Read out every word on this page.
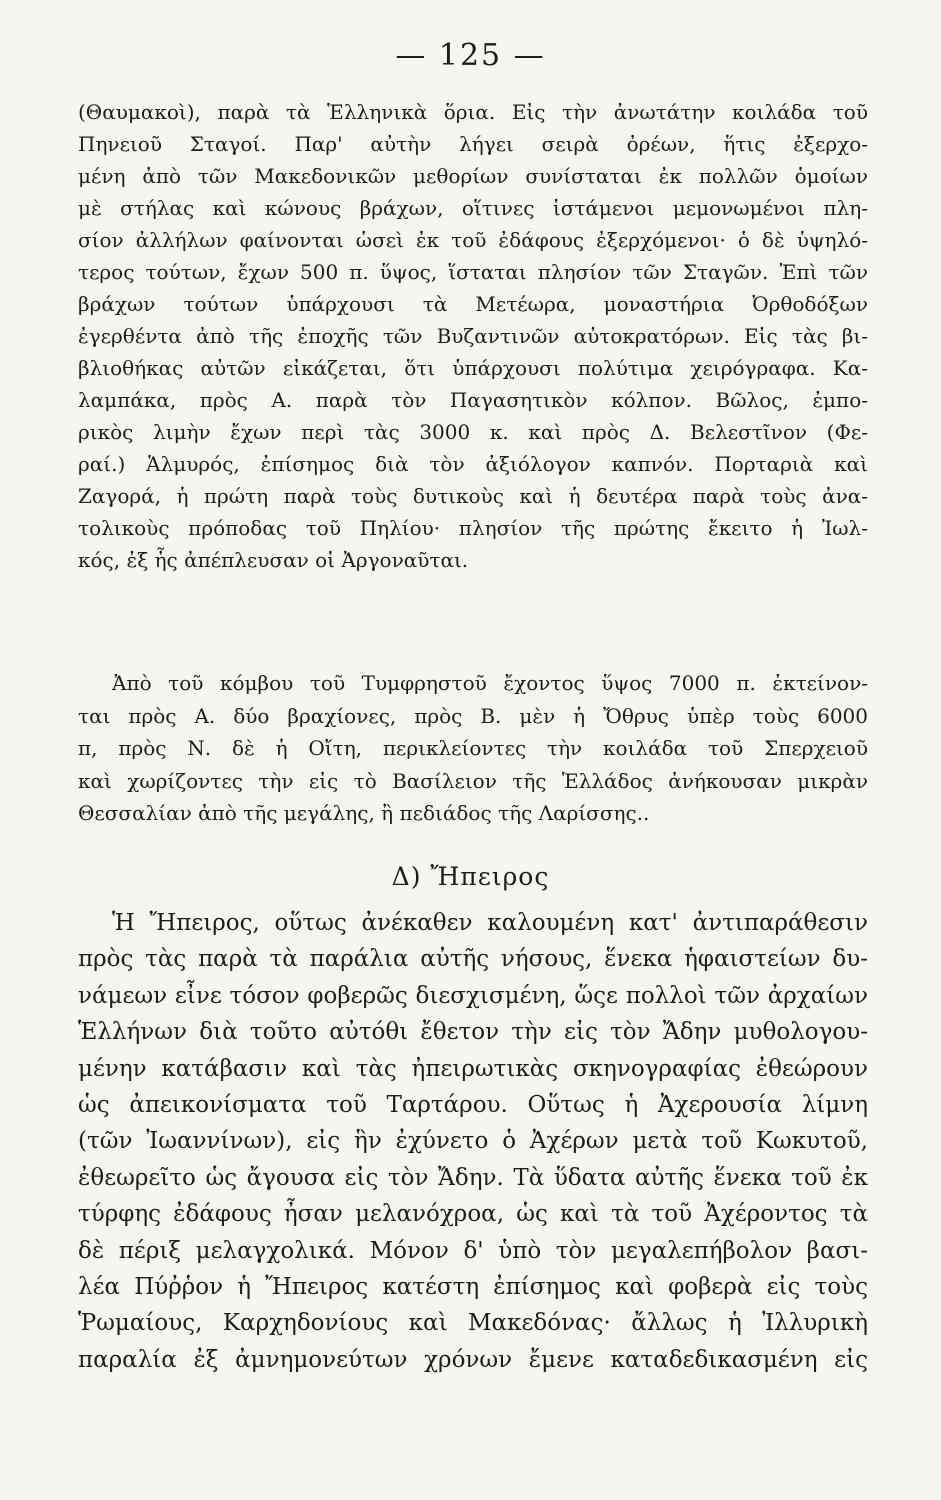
— 125 —
(Θαυμακοὶ), παρὰ τὰ Ἑλληνικὰ ὅρια. Εἰς τὴν ἀνωτάτην κοιλάδα τοῦ
Πηνειοῦ Σταγοί. Παρ' αὐτὴν λήγει σειρὰ ὀρέων, ἥτις ἐξερχο-
μένη ἀπὸ τῶν Μακεδονικῶν μεθορίων συνίσταται ἐκ πολλῶν ὁμοίων
μὲ στήλας καὶ κώνους βράχων, οἵτινες ἱστάμενοι μεμονωμένοι πλη-
σίον ἀλλήλων φαίνονται ὡσεὶ ἐκ τοῦ ἐδάφους ἐξερχόμενοι· ὁ δὲ ὑψηλό-
τερος τούτων, ἔχων 500 π. ὕψος, ἵσταται πλησίον τῶν Σταγῶν. Ἐπὶ τῶν
βράχων τούτων ὑπάρχουσι τὰ Μετέωρα, μοναστήρια Ὀρθοδόξων
ἐγερθέντα ἀπὸ τῆς ἐποχῆς τῶν Βυζαντινῶν αὐτοκρατόρων. Εἰς τὰς βι-
βλιοθήκας αὐτῶν εἰκάζεται, ὅτι ὑπάρχουσι πολύτιμα χειρόγραφα. Κα-
λαμπάκα, πρὸς Α. παρὰ τὸν Παγασητικὸν κόλπον. Βῶλος, ἐμπο-
ρικὸς λιμὴν ἔχων περὶ τὰς 3000 κ. καὶ πρὸς Δ. Βελεστῖνον (Φε-
ραί.) Ἁλμυρός, ἐπίσημος διὰ τὸν ἀξιόλογον καπνόν. Πορταριὰ καὶ
Ζαγορά, ἡ πρώτη παρὰ τοὺς δυτικοὺς καὶ ἡ δευτέρα παρὰ τοὺς ἀνα-
τολικοὺς πρόποδας τοῦ Πηλίου· πλησίον τῆς πρώτης ἔκειτο ἡ Ἰωλ-
κός, ἐξ ἧς ἀπέπλευσαν οἱ Ἀργοναῦται.
Ἀπὸ τοῦ κόμβου τοῦ Τυμφρηστοῦ ἔχοντος ὕψος 7000 π. ἐκτείνον-
ται πρὸς Α. δύο βραχίονες, πρὸς Β. μὲν ἡ Ὄθρυς ὑπὲρ τοὺς 6000
π, πρὸς Ν. δὲ ἡ Οἴτη, περικλείοντες τὴν κοιλάδα τοῦ Σπερχειοῦ
καὶ χωρίζοντες τὴν εἰς τὸ Βασίλειον τῆς Ἑλλάδος ἀνήκουσαν μικρὰν
Θεσσαλίαν ἀπὸ τῆς μεγάλης, ἢ πεδιάδος τῆς Λαρίσσης..
Δ) Ἤπειρος
Ἡ Ἤπειρος, οὕτως ἀνέκαθεν καλουμένη κατ' ἀντιπαράθεσιν
πρὸς τὰς παρὰ τὰ παράλια αὐτῆς νήσους, ἕνεκα ἡφαιστείων δυ-
νάμεων εἶνε τόσον φοβερῶς διεσχισμένη, ὥςε πολλοὶ τῶν ἀρχαίων
Ἑλλήνων διὰ τοῦτο αὐτόθι ἔθετον τὴν εἰς τὸν Ἄδην μυθολογου-
μένην κατάβασιν καὶ τὰς ἠπειρωτικὰς σκηνογραφίας ἐθεώρουν
ὡς ἀπεικονίσματα τοῦ Ταρτάρου. Οὕτως ἡ Ἀχερουσία λίμνη
(τῶν Ἰωαννίνων), εἰς ἣν ἐχύνετο ὁ Ἀχέρων μετὰ τοῦ Κωκυτοῦ,
ἐθεωρεῖτο ὡς ἄγουσα εἰς τὸν Ἄδην. Τὰ ὕδατα αὐτῆς ἕνεκα τοῦ ἐκ
τύρφης ἐδάφους ἦσαν μελανόχροα, ὡς καὶ τὰ τοῦ Ἀχέροντος τὰ
δὲ πέριξ μελαγχολικά. Μόνον δ' ὑπὸ τὸν μεγαλεπήβολον βασι-
λέα Πύῤῥον ἡ Ἤπειρος κατέστη ἐπίσημος καὶ φοβερὰ εἰς τοὺς
Ῥωμαίους, Καρχηδονίους καὶ Μακεδόνας· ἄλλως ἡ Ἰλλυρικὴ
παραλία ἐξ ἀμνημονεύτων χρόνων ἔμενε καταδεδικασμένη εἰς
